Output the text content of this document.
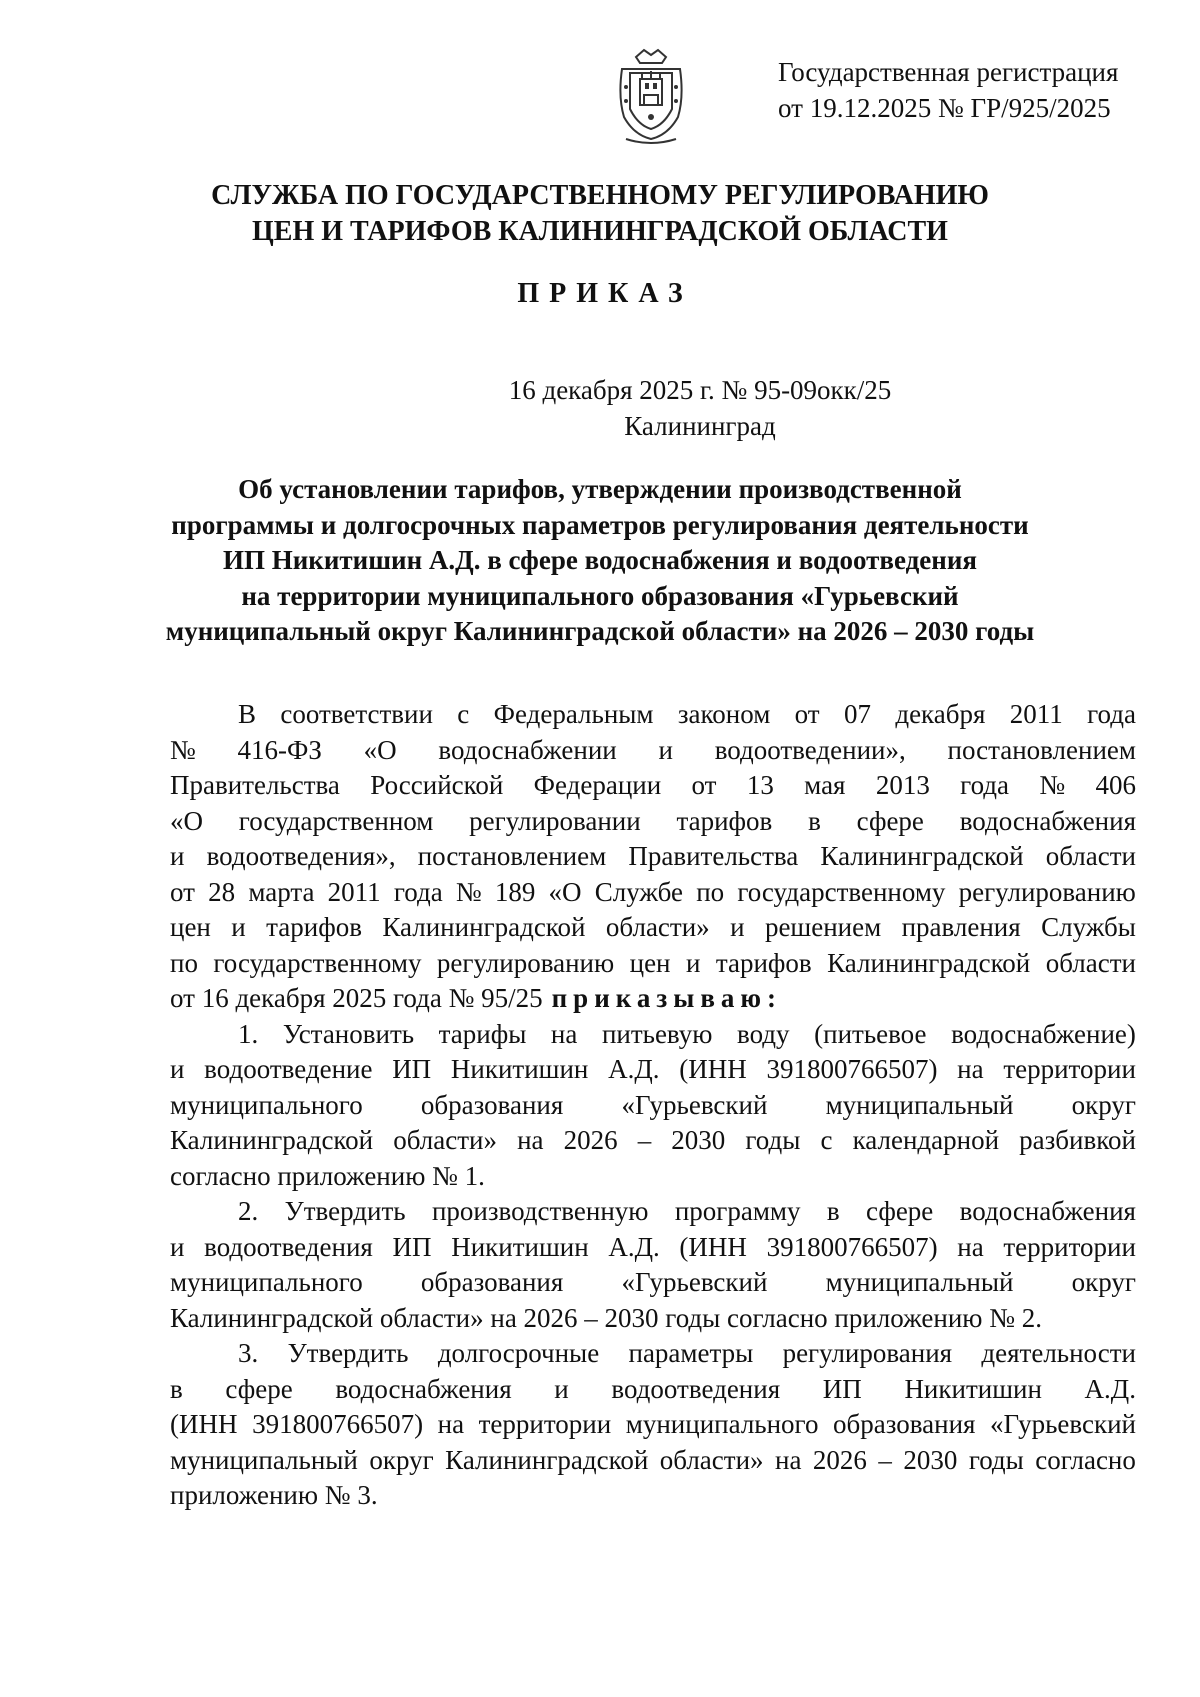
Государственная регистрация
от 19.12.2025 № ГР/925/2025
СЛУЖБА ПО ГОСУДАРСТВЕННОМУ РЕГУЛИРОВАНИЮ
ЦЕН И ТАРИФОВ КАЛИНИНГРАДСКОЙ ОБЛАСТИ
ПРИКАЗ
16 декабря 2025 г. № 95-09окк/25
Калининград
Об установлении тарифов, утверждении производственной
программы и долгосрочных параметров регулирования деятельности
ИП Никитишин А.Д. в сфере водоснабжения и водоотведения
на территории муниципального образования «Гурьевский
муниципальный округ Калининградской области» на 2026 – 2030 годы
В соответствии с Федеральным законом от 07 декабря 2011 года
№ 416-ФЗ «О водоснабжении и водоотведении», постановлением
Правительства Российской Федерации от 13 мая 2013 года № 406
«О государственном регулировании тарифов в сфере водоснабжения
и водоотведения», постановлением Правительства Калининградской области
от 28 марта 2011 года № 189 «О Службе по государственному регулированию
цен и тарифов Калининградской области» и решением правления Службы
по государственному регулированию цен и тарифов Калининградской области
от 16 декабря 2025 года № 95/25 приказываю:
1. Установить тарифы на питьевую воду (питьевое водоснабжение)
и водоотведение ИП Никитишин А.Д. (ИНН 391800766507) на территории
муниципального образования «Гурьевский муниципальный округ
Калининградской области» на 2026 – 2030 годы с календарной разбивкой
согласно приложению № 1.
2. Утвердить производственную программу в сфере водоснабжения
и водоотведения ИП Никитишин А.Д. (ИНН 391800766507) на территории
муниципального образования «Гурьевский муниципальный округ
Калининградской области» на 2026 – 2030 годы согласно приложению № 2.
3. Утвердить долгосрочные параметры регулирования деятельности
в сфере водоснабжения и водоотведения ИП Никитишин А.Д.
(ИНН 391800766507) на территории муниципального образования «Гурьевский
муниципальный округ Калининградской области» на 2026 – 2030 годы согласно
приложению № 3.
